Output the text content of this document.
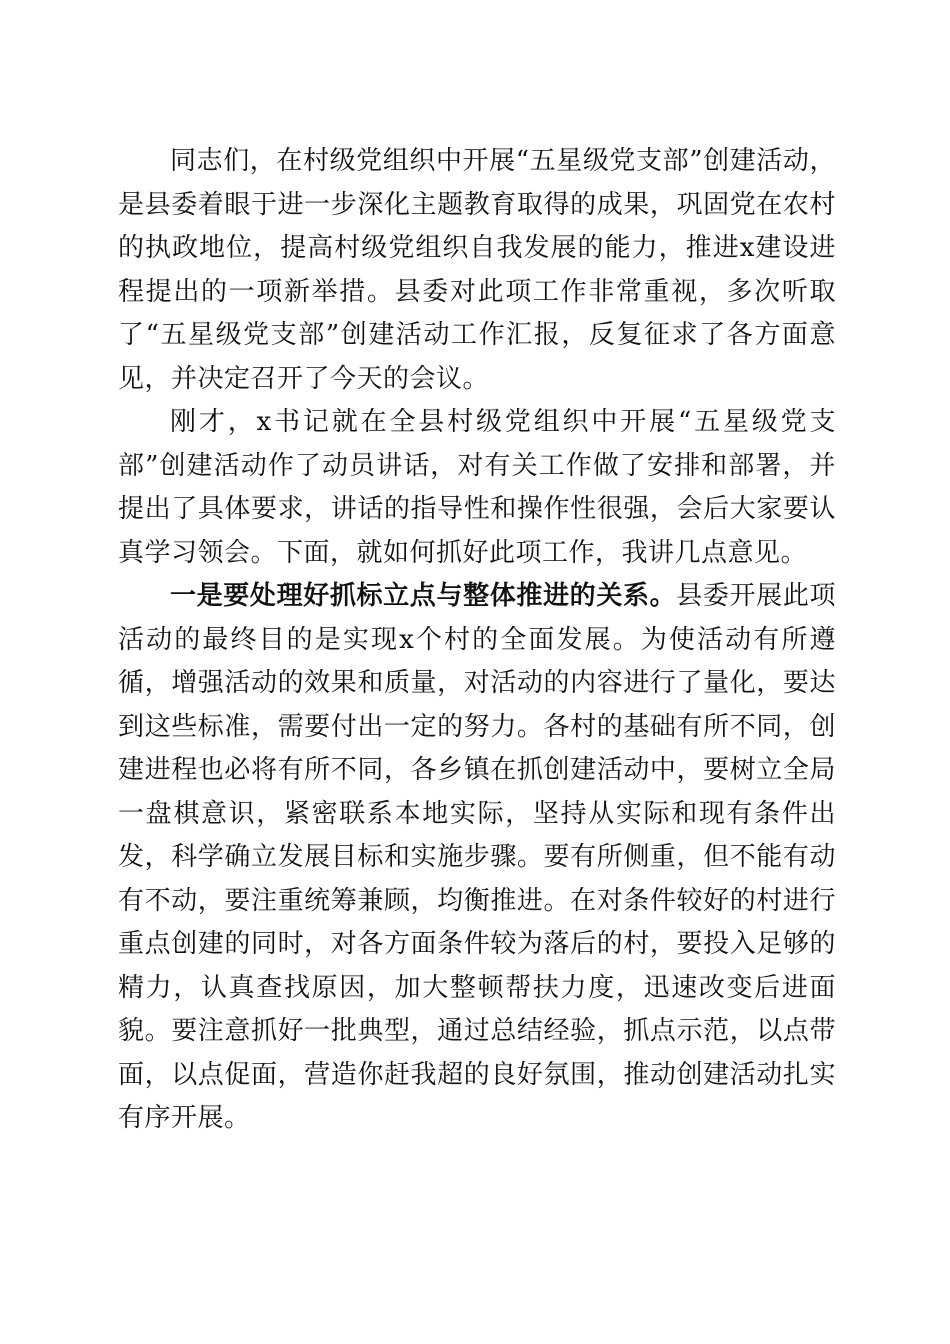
同志们，在村级党组织中开展“五星级党支部”创建活动，是县委着眼于进一步深化主题教育取得的成果，巩固党在农村的执政地位，提高村级党组织自我发展的能力，推进x建设进程提出的一项新举措。县委对此项工作非常重视，多次听取了“五星级党支部”创建活动工作汇报，反复征求了各方面意见，并决定召开了今天的会议。

刚才，x书记就在全县村级党组织中开展“五星级党支部”创建活动作了动员讲话，对有关工作做了安排和部署，并提出了具体要求，讲话的指导性和操作性很强，会后大家要认真学习领会。下面，就如何抓好此项工作，我讲几点意见。

一是要处理好抓标立点与整体推进的关系。县委开展此项活动的最终目的是实现x个村的全面发展。为使活动有所遵循，增强活动的效果和质量，对活动的内容进行了量化，要达到这些标准，需要付出一定的努力。各村的基础有所不同，创建进程也必将有所不同，各乡镇在抓创建活动中，要树立全局一盘棋意识，紧密联系本地实际，坚持从实际和现有条件出发，科学确立发展目标和实施步骤。要有所侧重，但不能有动有不动，要注重统筹兼顾，均衡推进。在对条件较好的村进行重点创建的同时，对各方面条件较为落后的村，要投入足够的精力，认真查找原因，加大整顿帮扶力度，迅速改变后进面貌。要注意抓好一批典型，通过总结经验，抓点示范，以点带面，以点促面，营造你赶我超的良好氛围，推动创建活动扎实有序开展。
